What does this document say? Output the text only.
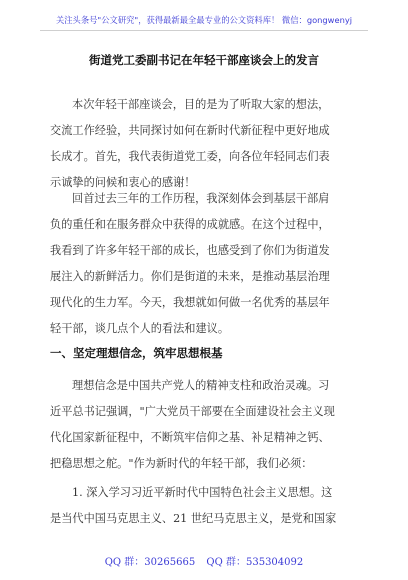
关注头条号"公文研究"，获得最新最全最专业的公文资料库！ 微信：gongwenyj
街道党工委副书记在年轻干部座谈会上的发言
本次年轻干部座谈会，目的是为了听取大家的想法，
交流工作经验，共同探讨如何在新时代新征程中更好地成
长成才。首先，我代表街道党工委，向各位年轻同志们表
示诚挚的问候和衷心的感谢！
回首过去三年的工作历程，我深刻体会到基层干部肩
负的重任和在服务群众中获得的成就感。在这个过程中，
我看到了许多年轻干部的成长，也感受到了你们为街道发
展注入的新鲜活力。你们是街道的未来，是推动基层治理
现代化的生力军。今天，我想就如何做一名优秀的基层年
轻干部，谈几点个人的看法和建议。
一、坚定理想信念，筑牢思想根基
理想信念是中国共产党人的精神支柱和政治灵魂。习
近平总书记强调，"广大党员干部要在全面建设社会主义现
代化国家新征程中，不断筑牢信仰之基、补足精神之钙、
把稳思想之舵。"作为新时代的年轻干部，我们必须：
1. 深入学习习近平新时代中国特色社会主义思想。这
是当代中国马克思主义、21 世纪马克思主义，是党和国家
QQ 群：30265665 QQ 群：535304092
